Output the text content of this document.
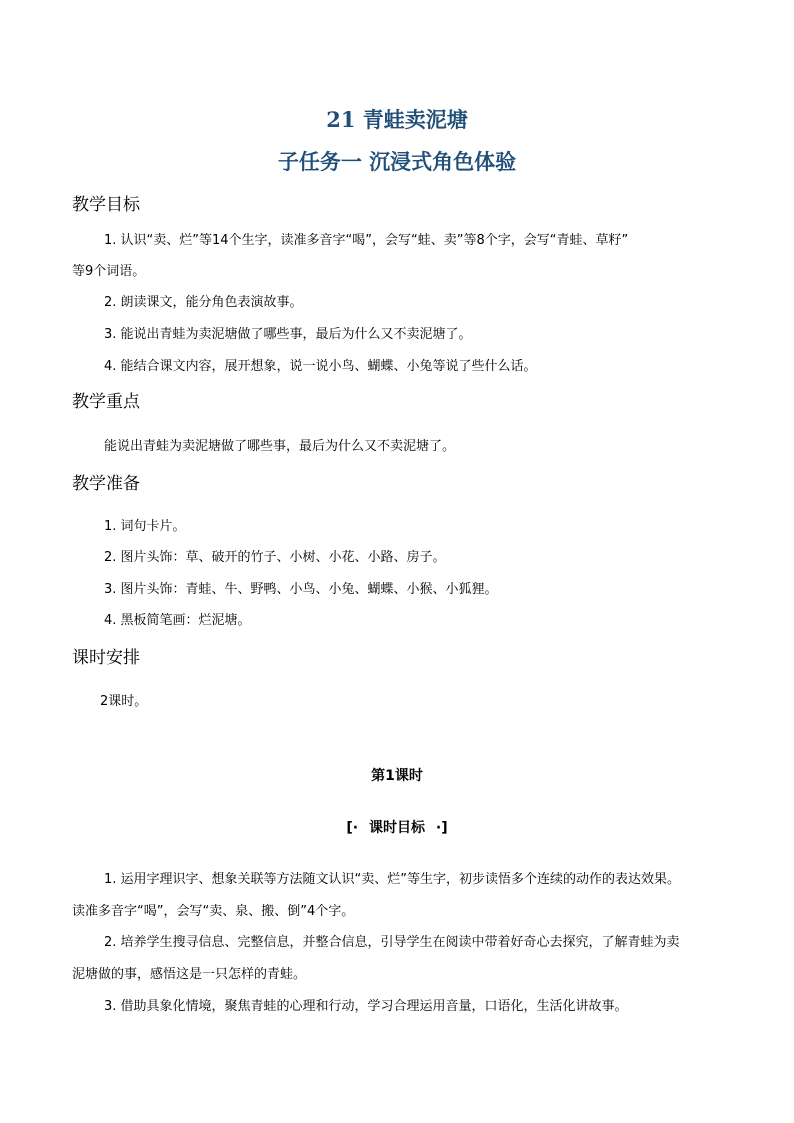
21 青蛙卖泥塘
子任务一 沉浸式角色体验
教学目标
1. 认识“卖、烂”等14个生字，读准多音字“喝”，会写“蛙、卖”等8个字，会写“青蛙、草籽”
等9个词语。
2. 朗读课文，能分角色表演故事。
3. 能说出青蛙为卖泥塘做了哪些事，最后为什么又不卖泥塘了。
4. 能结合课文内容，展开想象，说一说小鸟、蝴蝶、小兔等说了些什么话。
教学重点
能说出青蛙为卖泥塘做了哪些事，最后为什么又不卖泥塘了。
教学准备
1. 词句卡片。
2. 图片头饰：草、破开的竹子、小树、小花、小路、房子。
3. 图片头饰：青蛙、牛、野鸭、小鸟、小兔、蝴蝶、小猴、小狐狸。
4. 黑板简笔画：烂泥塘。
课时安排
2课时。
第1课时
[· 课时目标 ·]
1. 运用字理识字、想象关联等方法随文认识“卖、烂”等生字，初步读悟多个连续的动作的表达效果。
读准多音字“喝”，会写“卖、泉、搬、倒”4个字。
2. 培养学生搜寻信息、完整信息，并整合信息，引导学生在阅读中带着好奇心去探究，了解青蛙为卖
泥塘做的事，感悟这是一只怎样的青蛙。
3. 借助具象化情境，聚焦青蛙的心理和行动，学习合理运用音量，口语化，生活化讲故事。
